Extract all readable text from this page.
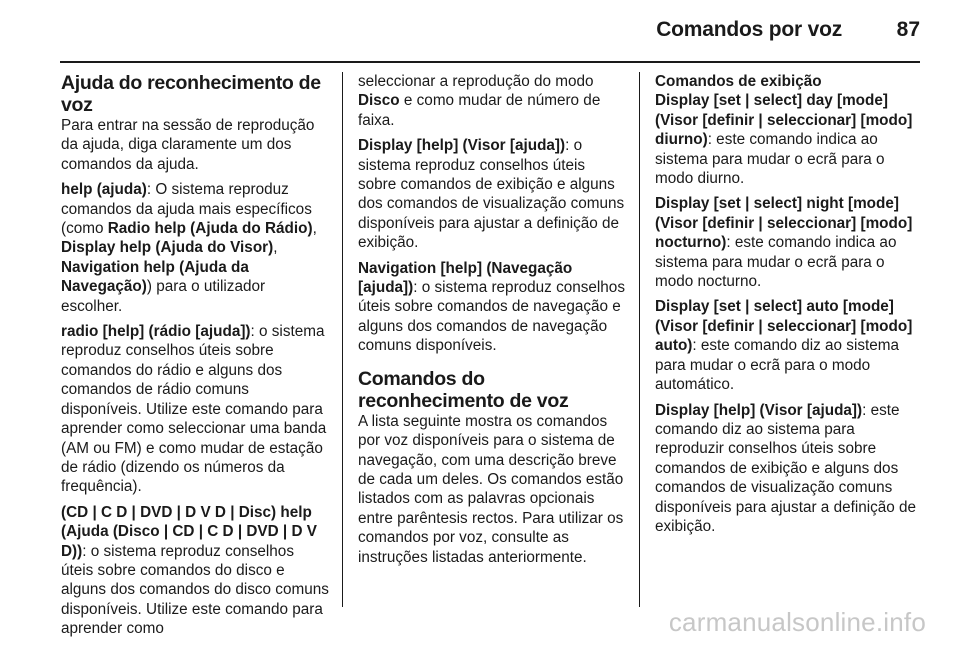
Comandos por voz	87
Ajuda do reconhecimento de voz

Para entrar na sessão de reprodução da ajuda, diga claramente um dos comandos da ajuda.

help (ajuda): O sistema reproduz comandos da ajuda mais específicos (como Radio help (Ajuda do Rádio), Display help (Ajuda do Visor), Navigation help (Ajuda da Navegação)) para o utilizador escolher.

radio [help] (rádio [ajuda]): o sistema reproduz conselhos úteis sobre comandos do rádio e alguns dos comandos de rádio comuns disponíveis. Utilize este comando para aprender como seleccionar uma banda (AM ou FM) e como mudar de estação de rádio (dizendo os números da frequência).

(CD | C D | DVD | D V D | Disc) help (Ajuda (Disco | CD | C D | DVD | D V D)): o sistema reproduz conselhos úteis sobre comandos do disco e alguns dos comandos do disco comuns disponíveis. Utilize este comando para aprender como

seleccionar a reprodução do modo Disco e como mudar de número de faixa.

Display [help] (Visor [ajuda]): o sistema reproduz conselhos úteis sobre comandos de exibição e alguns dos comandos de visualização comuns disponíveis para ajustar a definição de exibição.

Navigation [help] (Navegação [ajuda]): o sistema reproduz conselhos úteis sobre comandos de navegação e alguns dos comandos de navegação comuns disponíveis.

Comandos do reconhecimento de voz

A lista seguinte mostra os comandos por voz disponíveis para o sistema de navegação, com uma descrição breve de cada um deles. Os comandos estão listados com as palavras opcionais entre parêntesis rectos. Para utilizar os comandos por voz, consulte as instruções listadas anteriormente.

Comandos de exibição

Display [set | select] day [mode] (Visor [definir | seleccionar] [modo] diurno): este comando indica ao sistema para mudar o ecrã para o modo diurno.

Display [set | select] night [mode] (Visor [definir | seleccionar] [modo] nocturno): este comando indica ao sistema para mudar o ecrã para o modo nocturno.

Display [set | select] auto [mode] (Visor [definir | seleccionar] [modo] auto): este comando diz ao sistema para mudar o ecrã para o modo automático.

Display [help] (Visor [ajuda]): este comando diz ao sistema para reproduzir conselhos úteis sobre comandos de exibição e alguns dos comandos de visualização comuns disponíveis para ajustar a definição de exibição.

carmanualsonline.info
